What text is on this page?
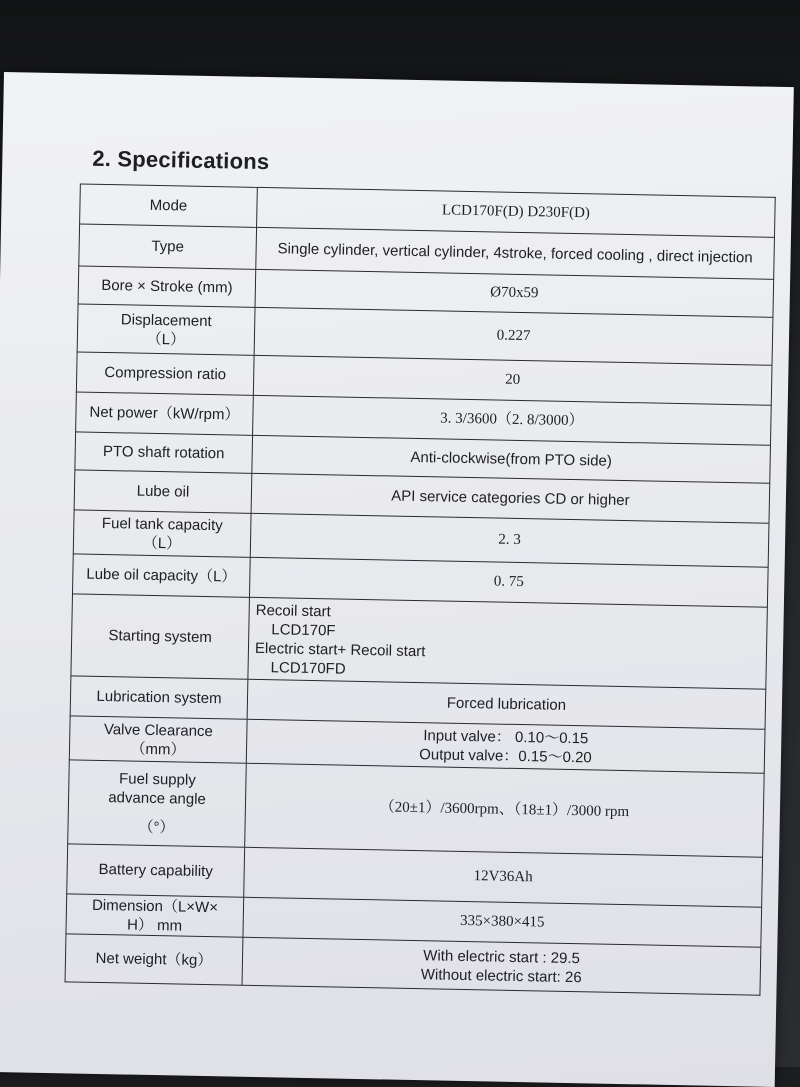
2. Specifications
Mode	LCD170F(D) D230F(D)
Type	Single cylinder, vertical cylinder, 4stroke, forced cooling , direct injection
Bore × Stroke (mm)	Ø70x59

Displacement
（L）	0.227
Compression ratio	20
Net power（kW/rpm）	3. 3/3600（2. 8/3000）
PTO shaft rotation	Anti-clockwise(from PTO side)
Lube oil	API service categories CD or higher

Fuel tank capacity
（L）	2. 3
Lube oil capacity（L）	0. 75
Starting system	Recoil start
LCD170F
Electric start+ Recoil start
LCD170FD

Lubrication system	Forced lubrication

Valve Clearance
（mm）	Input valve： 0.10～0.15
Output valve：0.15～0.20

Fuel supply
advance angle
（°）	（20±1）/3600rpm、（18±1）/3000 rpm
Battery capability	12V36Ah

Dimension（L×W×
H） mm	335×380×415
Net weight（kg）	With electric start : 29.5
Without electric start: 26
